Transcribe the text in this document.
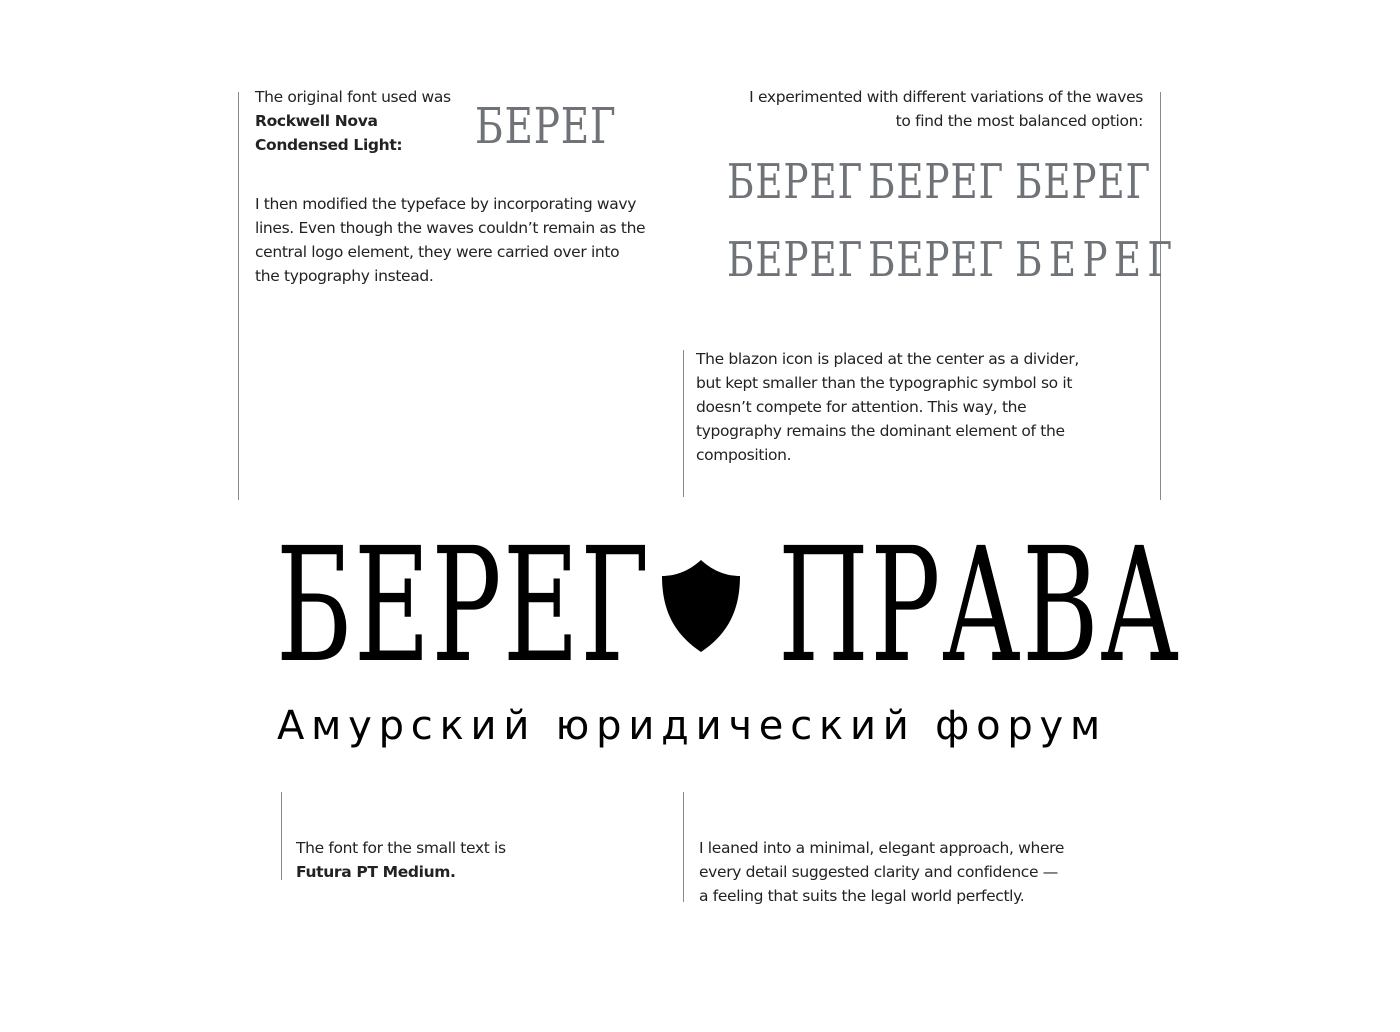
The original font used was
Rockwell Nova
Condensed Light:	БЕРЕГ
I then modified the typeface by incorporating wavy
lines. Even though the waves couldn’t remain as the
central logo element, they were carried over into
the typography instead.
I experimented with different variations of the waves
to find the most balanced option:
БЕРЕГ БЕРЕГ БЕРЕГ
БЕРЕГ БЕРЕГ БЕРЕГ
The blazon icon is placed at the center as a divider,
but kept smaller than the typographic symbol so it
doesn’t compete for attention. This way, the
typography remains the dominant element of the
composition.
БЕРЕГ ПРАВА
Амурский юридический форум
The font for the small text is
Futura PT Medium.
I leaned into a minimal, elegant approach, where
every detail suggested clarity and confidence —
a feeling that suits the legal world perfectly.
